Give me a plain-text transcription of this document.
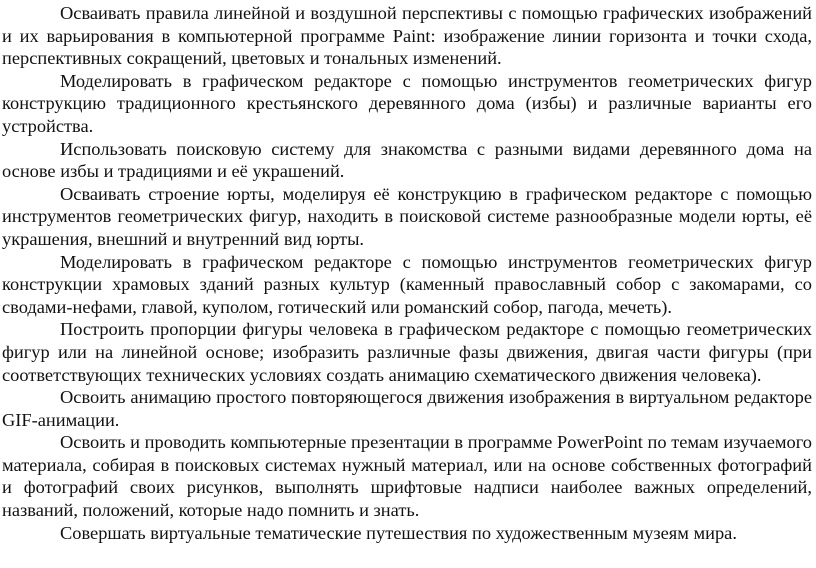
Осваивать правила линейной и воздушной перспективы с помощью графических изображений и их варьирования в компьютерной программе Paint: изображение линии горизонта и точки схода, перспективных сокращений, цветовых и тональных изменений.

Моделировать в графическом редакторе с помощью инструментов геометрических фигур конструкцию традиционного крестьянского деревянного дома (избы) и различные варианты его устройства.

Использовать поисковую систему для знакомства с разными видами деревянного дома на основе избы и традициями и её украшений.

Осваивать строение юрты, моделируя её конструкцию в графическом редакторе с помощью инструментов геометрических фигур, находить в поисковой системе разнообразные модели юрты, её украшения, внешний и внутренний вид юрты.

Моделировать в графическом редакторе с помощью инструментов геометрических фигур конструкции храмовых зданий разных культур (каменный православный собор с закомарами, со сводами-нефами, главой, куполом, готический или романский собор, пагода, мечеть).

Построить пропорции фигуры человека в графическом редакторе с помощью геометрических фигур или на линейной основе; изобразить различные фазы движения, двигая части фигуры (при соответствующих технических условиях создать анимацию схематического движения человека).

Освоить анимацию простого повторяющегося движения изображения в виртуальном редакторе GIF-анимации.

Освоить и проводить компьютерные презентации в программе PowerPoint по темам изучаемого материала, собирая в поисковых системах нужный материал, или на основе собственных фотографий и фотографий своих рисунков, выполнять шрифтовые надписи наиболее важных определений, названий, положений, которые надо помнить и знать.

Совершать виртуальные тематические путешествия по художественным музеям мира.
